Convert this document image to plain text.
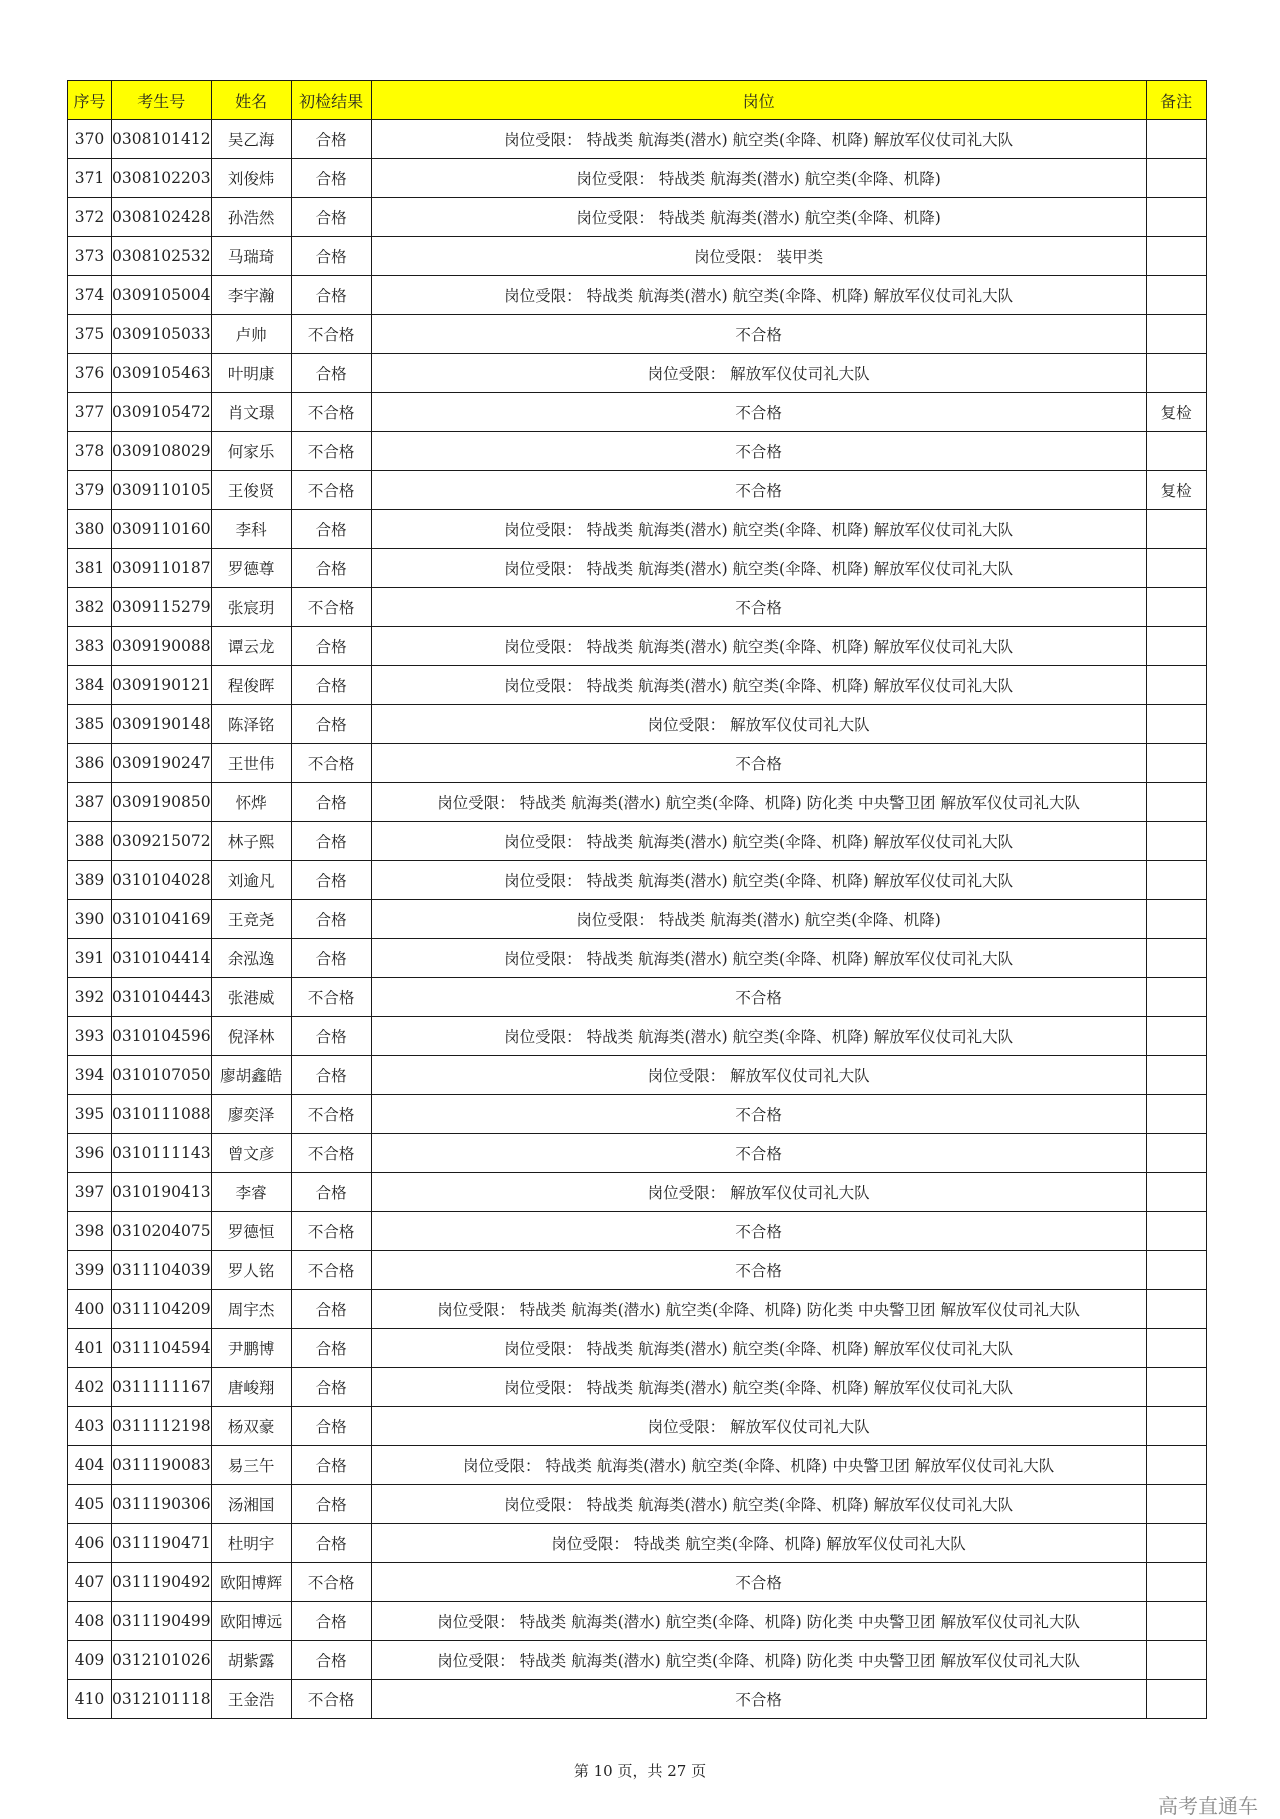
序号	考生号	姓名	初检结果	岗位	备注
370	0308101412	吴乙海	合格	岗位受限： 特战类 航海类(潜水) 航空类(伞降、机降) 解放军仪仗司礼大队	
371	0308102203	刘俊炜	合格	岗位受限： 特战类 航海类(潜水) 航空类(伞降、机降)	
372	0308102428	孙浩然	合格	岗位受限： 特战类 航海类(潜水) 航空类(伞降、机降)	
373	0308102532	马瑞琦	合格	岗位受限： 装甲类	
374	0309105004	李宇瀚	合格	岗位受限： 特战类 航海类(潜水) 航空类(伞降、机降) 解放军仪仗司礼大队	
375	0309105033	卢帅	不合格	不合格	
376	0309105463	叶明康	合格	岗位受限： 解放军仪仗司礼大队	
377	0309105472	肖文璟	不合格	不合格	复检
378	0309108029	何家乐	不合格	不合格	
379	0309110105	王俊贤	不合格	不合格	复检
380	0309110160	李科	合格	岗位受限： 特战类 航海类(潜水) 航空类(伞降、机降) 解放军仪仗司礼大队	
381	0309110187	罗德尊	合格	岗位受限： 特战类 航海类(潜水) 航空类(伞降、机降) 解放军仪仗司礼大队	
382	0309115279	张宸玥	不合格	不合格	
383	0309190088	谭云龙	合格	岗位受限： 特战类 航海类(潜水) 航空类(伞降、机降) 解放军仪仗司礼大队	
384	0309190121	程俊晖	合格	岗位受限： 特战类 航海类(潜水) 航空类(伞降、机降) 解放军仪仗司礼大队	
385	0309190148	陈泽铭	合格	岗位受限： 解放军仪仗司礼大队	
386	0309190247	王世伟	不合格	不合格	
387	0309190850	怀烨	合格	岗位受限： 特战类 航海类(潜水) 航空类(伞降、机降) 防化类 中央警卫团 解放军仪仗司礼大队	
388	0309215072	林子熙	合格	岗位受限： 特战类 航海类(潜水) 航空类(伞降、机降) 解放军仪仗司礼大队	
389	0310104028	刘逾凡	合格	岗位受限： 特战类 航海类(潜水) 航空类(伞降、机降) 解放军仪仗司礼大队	
390	0310104169	王竞尧	合格	岗位受限： 特战类 航海类(潜水) 航空类(伞降、机降)	
391	0310104414	余泓逸	合格	岗位受限： 特战类 航海类(潜水) 航空类(伞降、机降) 解放军仪仗司礼大队	
392	0310104443	张港威	不合格	不合格	
393	0310104596	倪泽林	合格	岗位受限： 特战类 航海类(潜水) 航空类(伞降、机降) 解放军仪仗司礼大队	
394	0310107050	廖胡鑫皓	合格	岗位受限： 解放军仪仗司礼大队	
395	0310111088	廖奕泽	不合格	不合格	
396	0310111143	曾文彦	不合格	不合格	
397	0310190413	李睿	合格	岗位受限： 解放军仪仗司礼大队	
398	0310204075	罗德恒	不合格	不合格	
399	0311104039	罗人铭	不合格	不合格	
400	0311104209	周宇杰	合格	岗位受限： 特战类 航海类(潜水) 航空类(伞降、机降) 防化类 中央警卫团 解放军仪仗司礼大队	
401	0311104594	尹鹏博	合格	岗位受限： 特战类 航海类(潜水) 航空类(伞降、机降) 解放军仪仗司礼大队	
402	0311111167	唐峻翔	合格	岗位受限： 特战类 航海类(潜水) 航空类(伞降、机降) 解放军仪仗司礼大队	
403	0311112198	杨双豪	合格	岗位受限： 解放军仪仗司礼大队	
404	0311190083	易三午	合格	岗位受限： 特战类 航海类(潜水) 航空类(伞降、机降) 中央警卫团 解放军仪仗司礼大队	
405	0311190306	汤湘国	合格	岗位受限： 特战类 航海类(潜水) 航空类(伞降、机降) 解放军仪仗司礼大队	
406	0311190471	杜明宇	合格	岗位受限： 特战类 航空类(伞降、机降) 解放军仪仗司礼大队	
407	0311190492	欧阳博辉	不合格	不合格	
408	0311190499	欧阳博远	合格	岗位受限： 特战类 航海类(潜水) 航空类(伞降、机降) 防化类 中央警卫团 解放军仪仗司礼大队	
409	0312101026	胡紫露	合格	岗位受限： 特战类 航海类(潜水) 航空类(伞降、机降) 防化类 中央警卫团 解放军仪仗司礼大队	
410	0312101118	王金浩	不合格	不合格	
第 10 页，共 27 页
高考直通车
